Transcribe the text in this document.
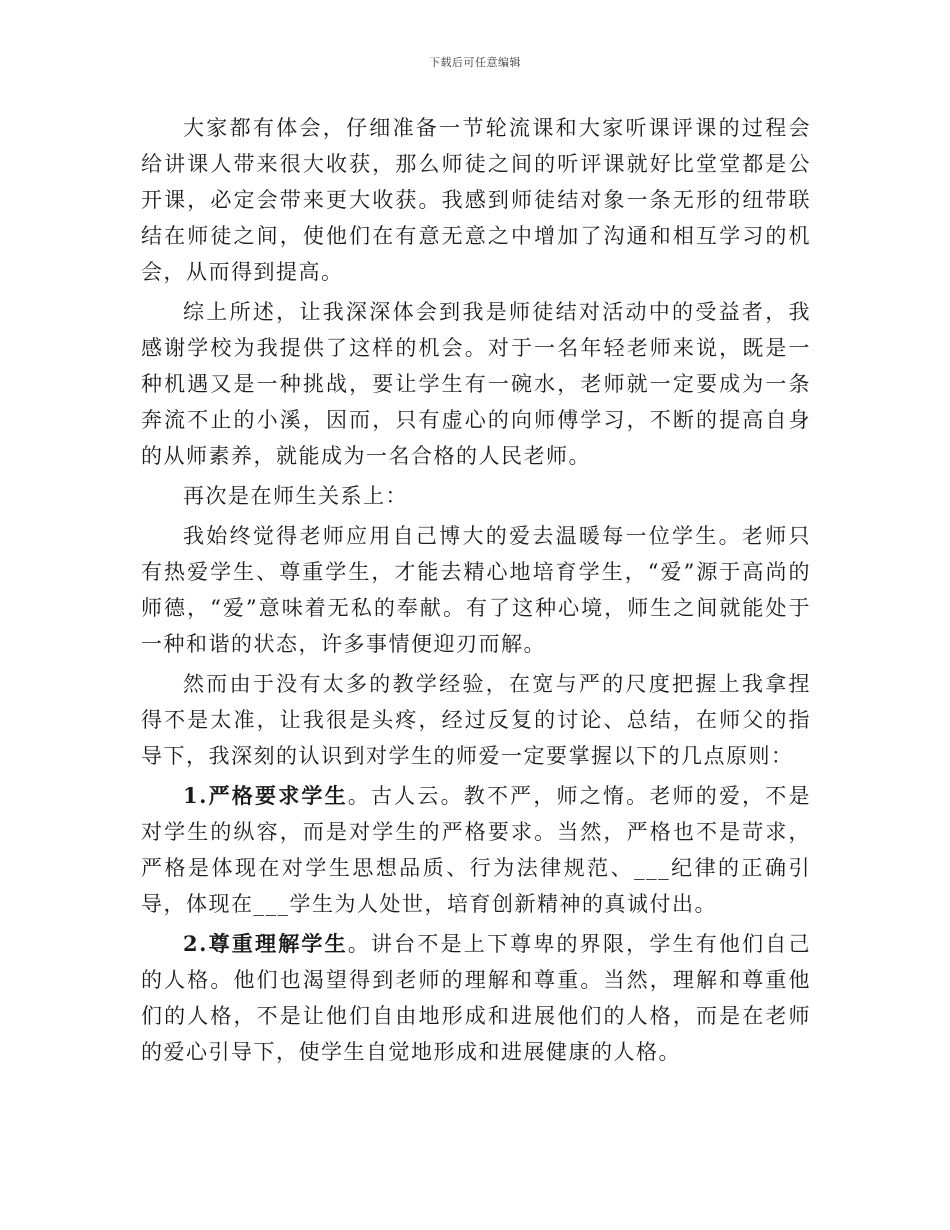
下载后可任意编辑

大家都有体会，仔细准备一节轮流课和大家听课评课的过程会给讲课人带来很大收获，那么师徒之间的听评课就好比堂堂都是公开课，必定会带来更大收获。我感到师徒结对象一条无形的纽带联结在师徒之间，使他们在有意无意之中增加了沟通和相互学习的机会，从而得到提高。

综上所述，让我深深体会到我是师徒结对活动中的受益者，我感谢学校为我提供了这样的机会。对于一名年轻老师来说，既是一种机遇又是一种挑战，要让学生有一碗水，老师就一定要成为一条奔流不止的小溪，因而，只有虚心的向师傅学习，不断的提高自身的从师素养，就能成为一名合格的人民老师。

再次是在师生关系上：

我始终觉得老师应用自己博大的爱去温暖每一位学生。老师只有热爱学生、尊重学生，才能去精心地培育学生，“爱”源于高尚的师德，“爱”意味着无私的奉献。有了这种心境，师生之间就能处于一种和谐的状态，许多事情便迎刃而解。

然而由于没有太多的教学经验，在宽与严的尺度把握上我拿捏得不是太准，让我很是头疼，经过反复的讨论、总结，在师父的指导下，我深刻的认识到对学生的师爱一定要掌握以下的几点原则：

1.严格要求学生。古人云。教不严，师之惰。老师的爱，不是对学生的纵容，而是对学生的严格要求。当然，严格也不是苛求，严格是体现在对学生思想品质、行为法律规范、___纪律的正确引导，体现在___学生为人处世，培育创新精神的真诚付出。

2.尊重理解学生。讲台不是上下尊卑的界限，学生有他们自己的人格。他们也渴望得到老师的理解和尊重。当然，理解和尊重他们的人格，不是让他们自由地形成和进展他们的人格，而是在老师的爱心引导下，使学生自觉地形成和进展健康的人格。
